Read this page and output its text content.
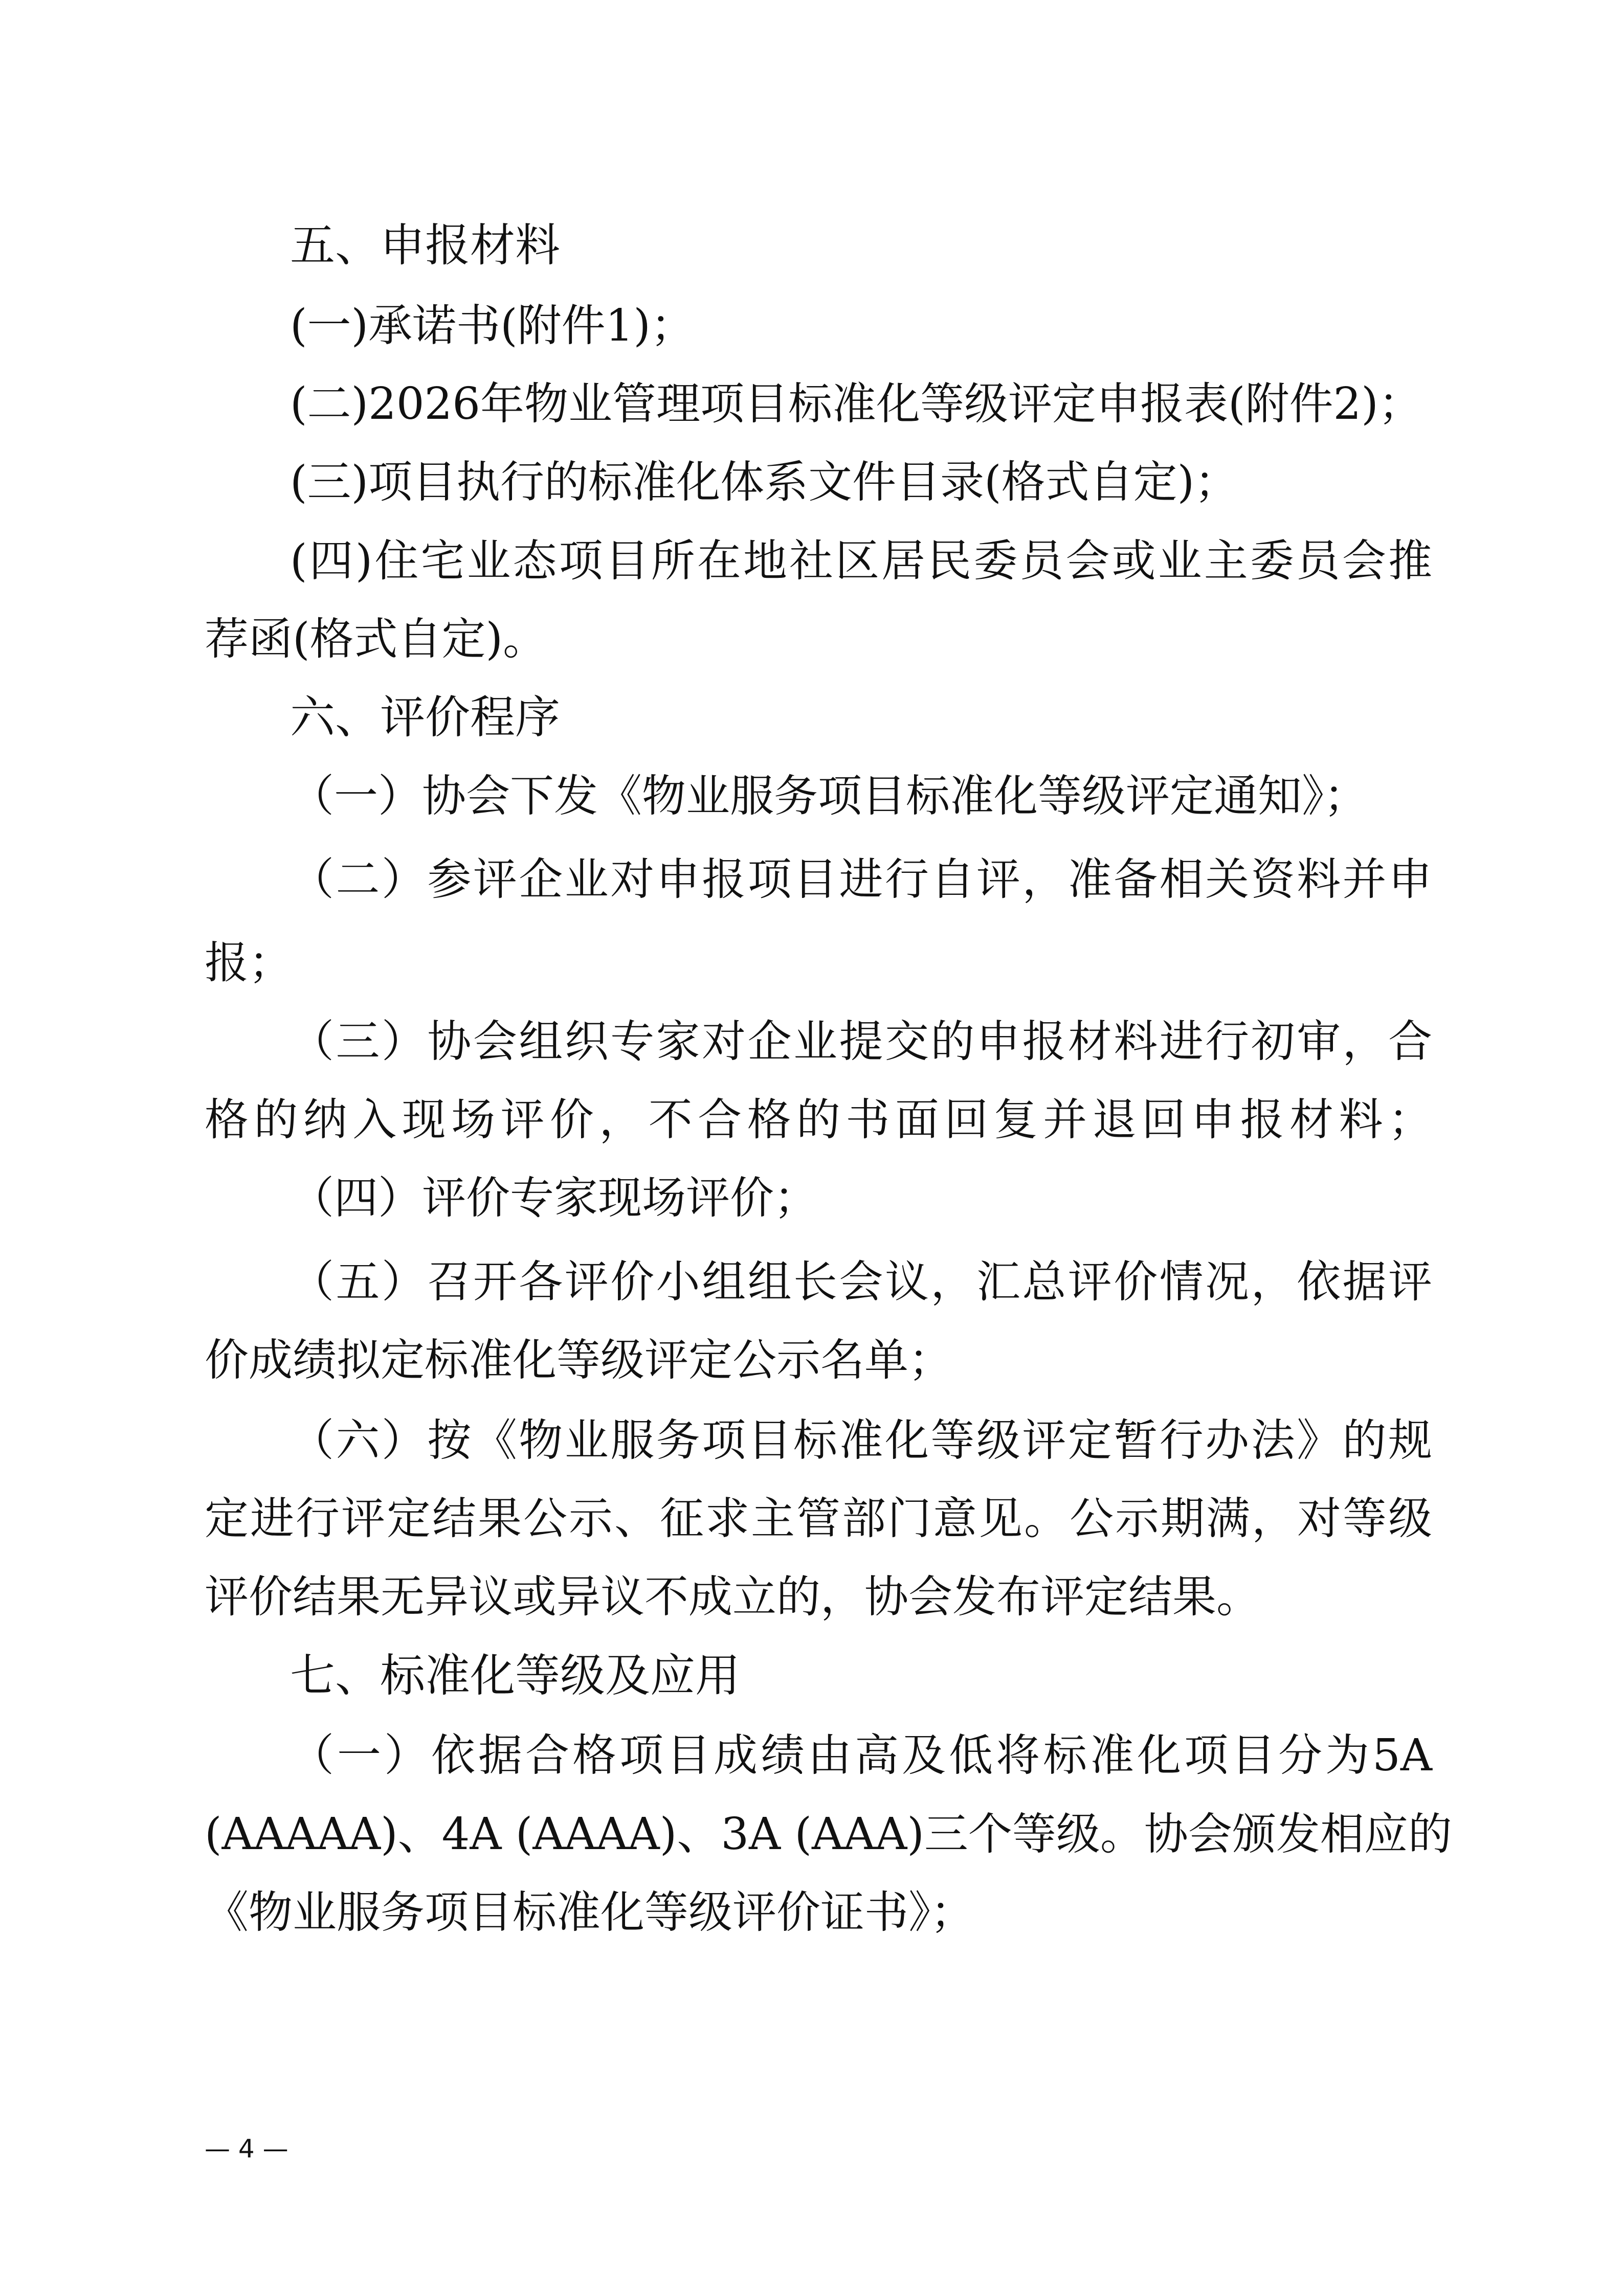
五、申报材料
(一)承诺书(附件1)；
(二)2026年物业管理项目标准化等级评定申报表(附件2)；
(三)项目执行的标准化体系文件目录(格式自定)；
(四)住宅业态项目所在地社区居民委员会或业主委员会推
荐函(格式自定)。
六、评价程序
（一）协会下发《物业服务项目标准化等级评定通知》；
（二）参评企业对申报项目进行自评，准备相关资料并申
报；
（三）协会组织专家对企业提交的申报材料进行初审，合
格的纳入现场评价，不合格的书面回复并退回申报材料；
（四）评价专家现场评价；
（五）召开各评价小组组长会议，汇总评价情况，依据评
价成绩拟定标准化等级评定公示名单；
（六）按《物业服务项目标准化等级评定暂行办法》的规
定进行评定结果公示、征求主管部门意见。公示期满，对等级
评价结果无异议或异议不成立的，协会发布评定结果。
七、标准化等级及应用
（一）依据合格项目成绩由高及低将标准化项目分为5A
(AAAAA)、4A (AAAA)、3A (AAA)三个等级。协会颁发相应的
《物业服务项目标准化等级评价证书》；
— 4 —
